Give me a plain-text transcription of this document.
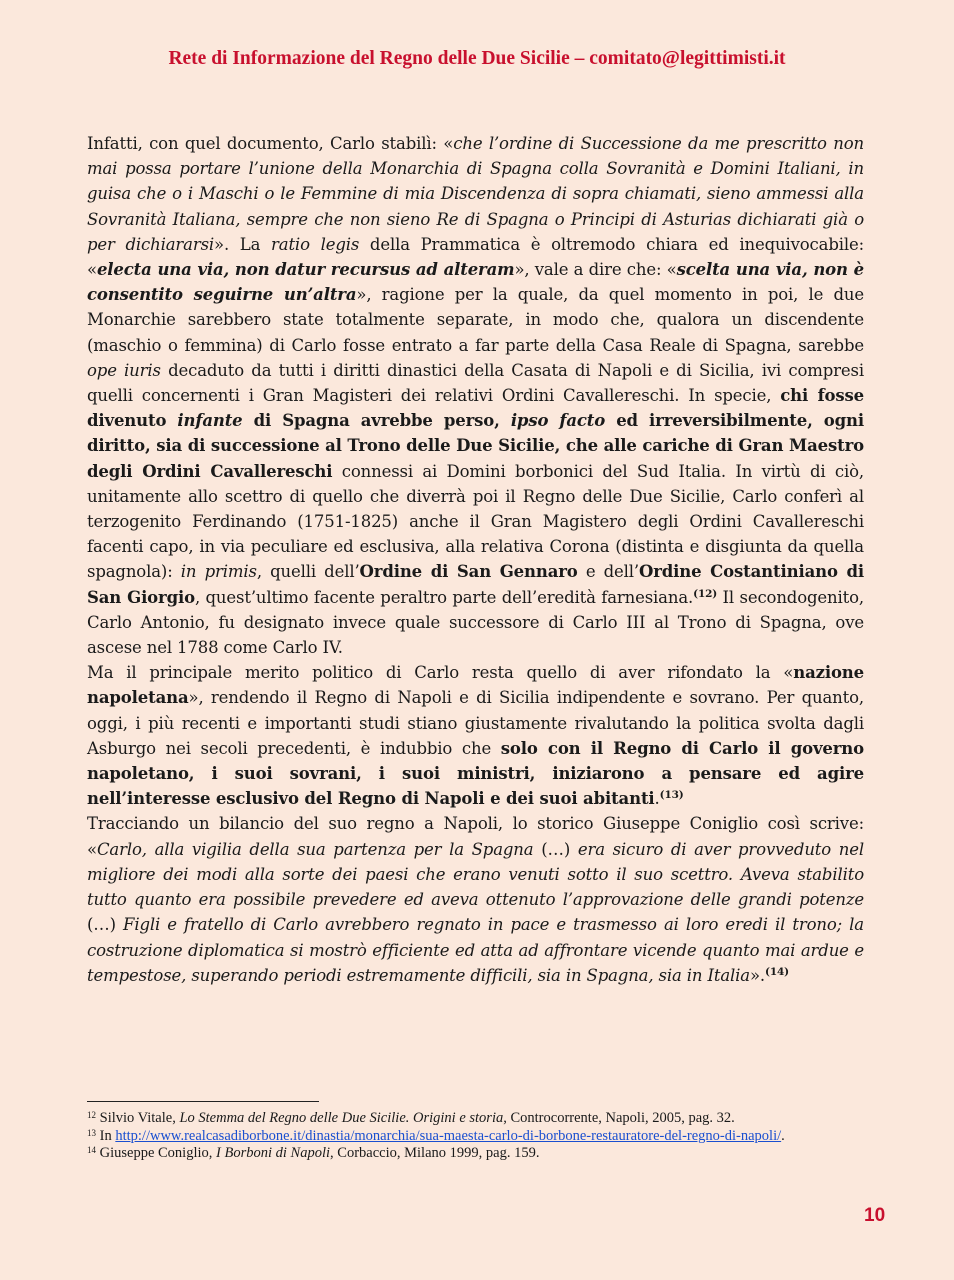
Rete di Informazione del Regno delle Due Sicilie – comitato@legittimisti.it

Infatti, con quel documento, Carlo stabilì: «che l’ordine di Successione da me prescritto non mai possa portare l’unione della Monarchia di Spagna colla Sovranità e Domini Italiani, in guisa che o i Maschi o le Femmine di mia Discendenza di sopra chiamati, sieno ammessi alla Sovranità Italiana, sempre che non sieno Re di Spagna o Principi di Asturias dichiarati già o per dichiararsi». La ratio legis della Prammatica è oltremodo chiara ed inequivocabile: «electa una via, non datur recursus ad alteram», vale a dire che: «scelta una via, non è consentito seguirne un’altra», ragione per la quale, da quel momento in poi, le due Monarchie sarebbero state totalmente separate, in modo che, qualora un discendente (maschio o femmina) di Carlo fosse entrato a far parte della Casa Reale di Spagna, sarebbe ope iuris decaduto da tutti i diritti dinastici della Casata di Napoli e di Sicilia, ivi compresi quelli concernenti i Gran Magisteri dei relativi Ordini Cavallereschi. In specie, chi fosse divenuto infante di Spagna avrebbe perso, ipso facto ed irreversibilmente, ogni diritto, sia di successione al Trono delle Due Sicilie, che alle cariche di Gran Maestro degli Ordini Cavallereschi connessi ai Domini borbonici del Sud Italia. In virtù di ciò, unitamente allo scettro di quello che diverrà poi il Regno delle Due Sicilie, Carlo conferì al terzogenito Ferdinando (1751-1825) anche il Gran Magistero degli Ordini Cavallereschi facenti capo, in via peculiare ed esclusiva, alla relativa Corona (distinta e disgiunta da quella spagnola): in primis, quelli dell’Ordine di San Gennaro e dell’Ordine Costantiniano di San Giorgio, quest’ultimo facente peraltro parte dell’eredità farnesiana.$^{(12)}$ Il secondogenito, Carlo Antonio, fu designato invece quale successore di Carlo III al Trono di Spagna, ove ascese nel 1788 come Carlo IV.

Ma il principale merito politico di Carlo resta quello di aver rifondato la «nazione napoletana», rendendo il Regno di Napoli e di Sicilia indipendente e sovrano. Per quanto, oggi, i più recenti e importanti studi stiano giustamente rivalutando la politica svolta dagli Asburgo nei secoli precedenti, è indubbio che solo con il Regno di Carlo il governo napoletano, i suoi sovrani, i suoi ministri, iniziarono a pensare ed agire nell’interesse esclusivo del Regno di Napoli e dei suoi abitanti.$^{(13)}$

Tracciando un bilancio del suo regno a Napoli, lo storico Giuseppe Coniglio così scrive: «Carlo, alla vigilia della sua partenza per la Spagna (…) era sicuro di aver provveduto nel migliore dei modi alla sorte dei paesi che erano venuti sotto il suo scettro. Aveva stabilito tutto quanto era possibile prevedere ed aveva ottenuto l’approvazione delle grandi potenze (…) Figli e fratello di Carlo avrebbero regnato in pace e trasmesso ai loro eredi il trono; la costruzione diplomatica si mostrò efficiente ed atta ad affrontare vicende quanto mai ardue e tempestose, superando periodi estremamente difficili, sia in Spagna, sia in Italia».$^{(14)}$

$^{12}$ Silvio Vitale, Lo Stemma del Regno delle Due Sicilie. Origini e storia, Controcorrente, Napoli, 2005, pag. 32.

$^{13}$ In http://www.realcasadiborbone.it/dinastia/monarchia/sua-maesta-carlo-di-borbone-restauratore-del-regno-di-napoli/.

$^{14}$ Giuseppe Coniglio, I Borboni di Napoli, Corbaccio, Milano 1999, pag. 159.

10
